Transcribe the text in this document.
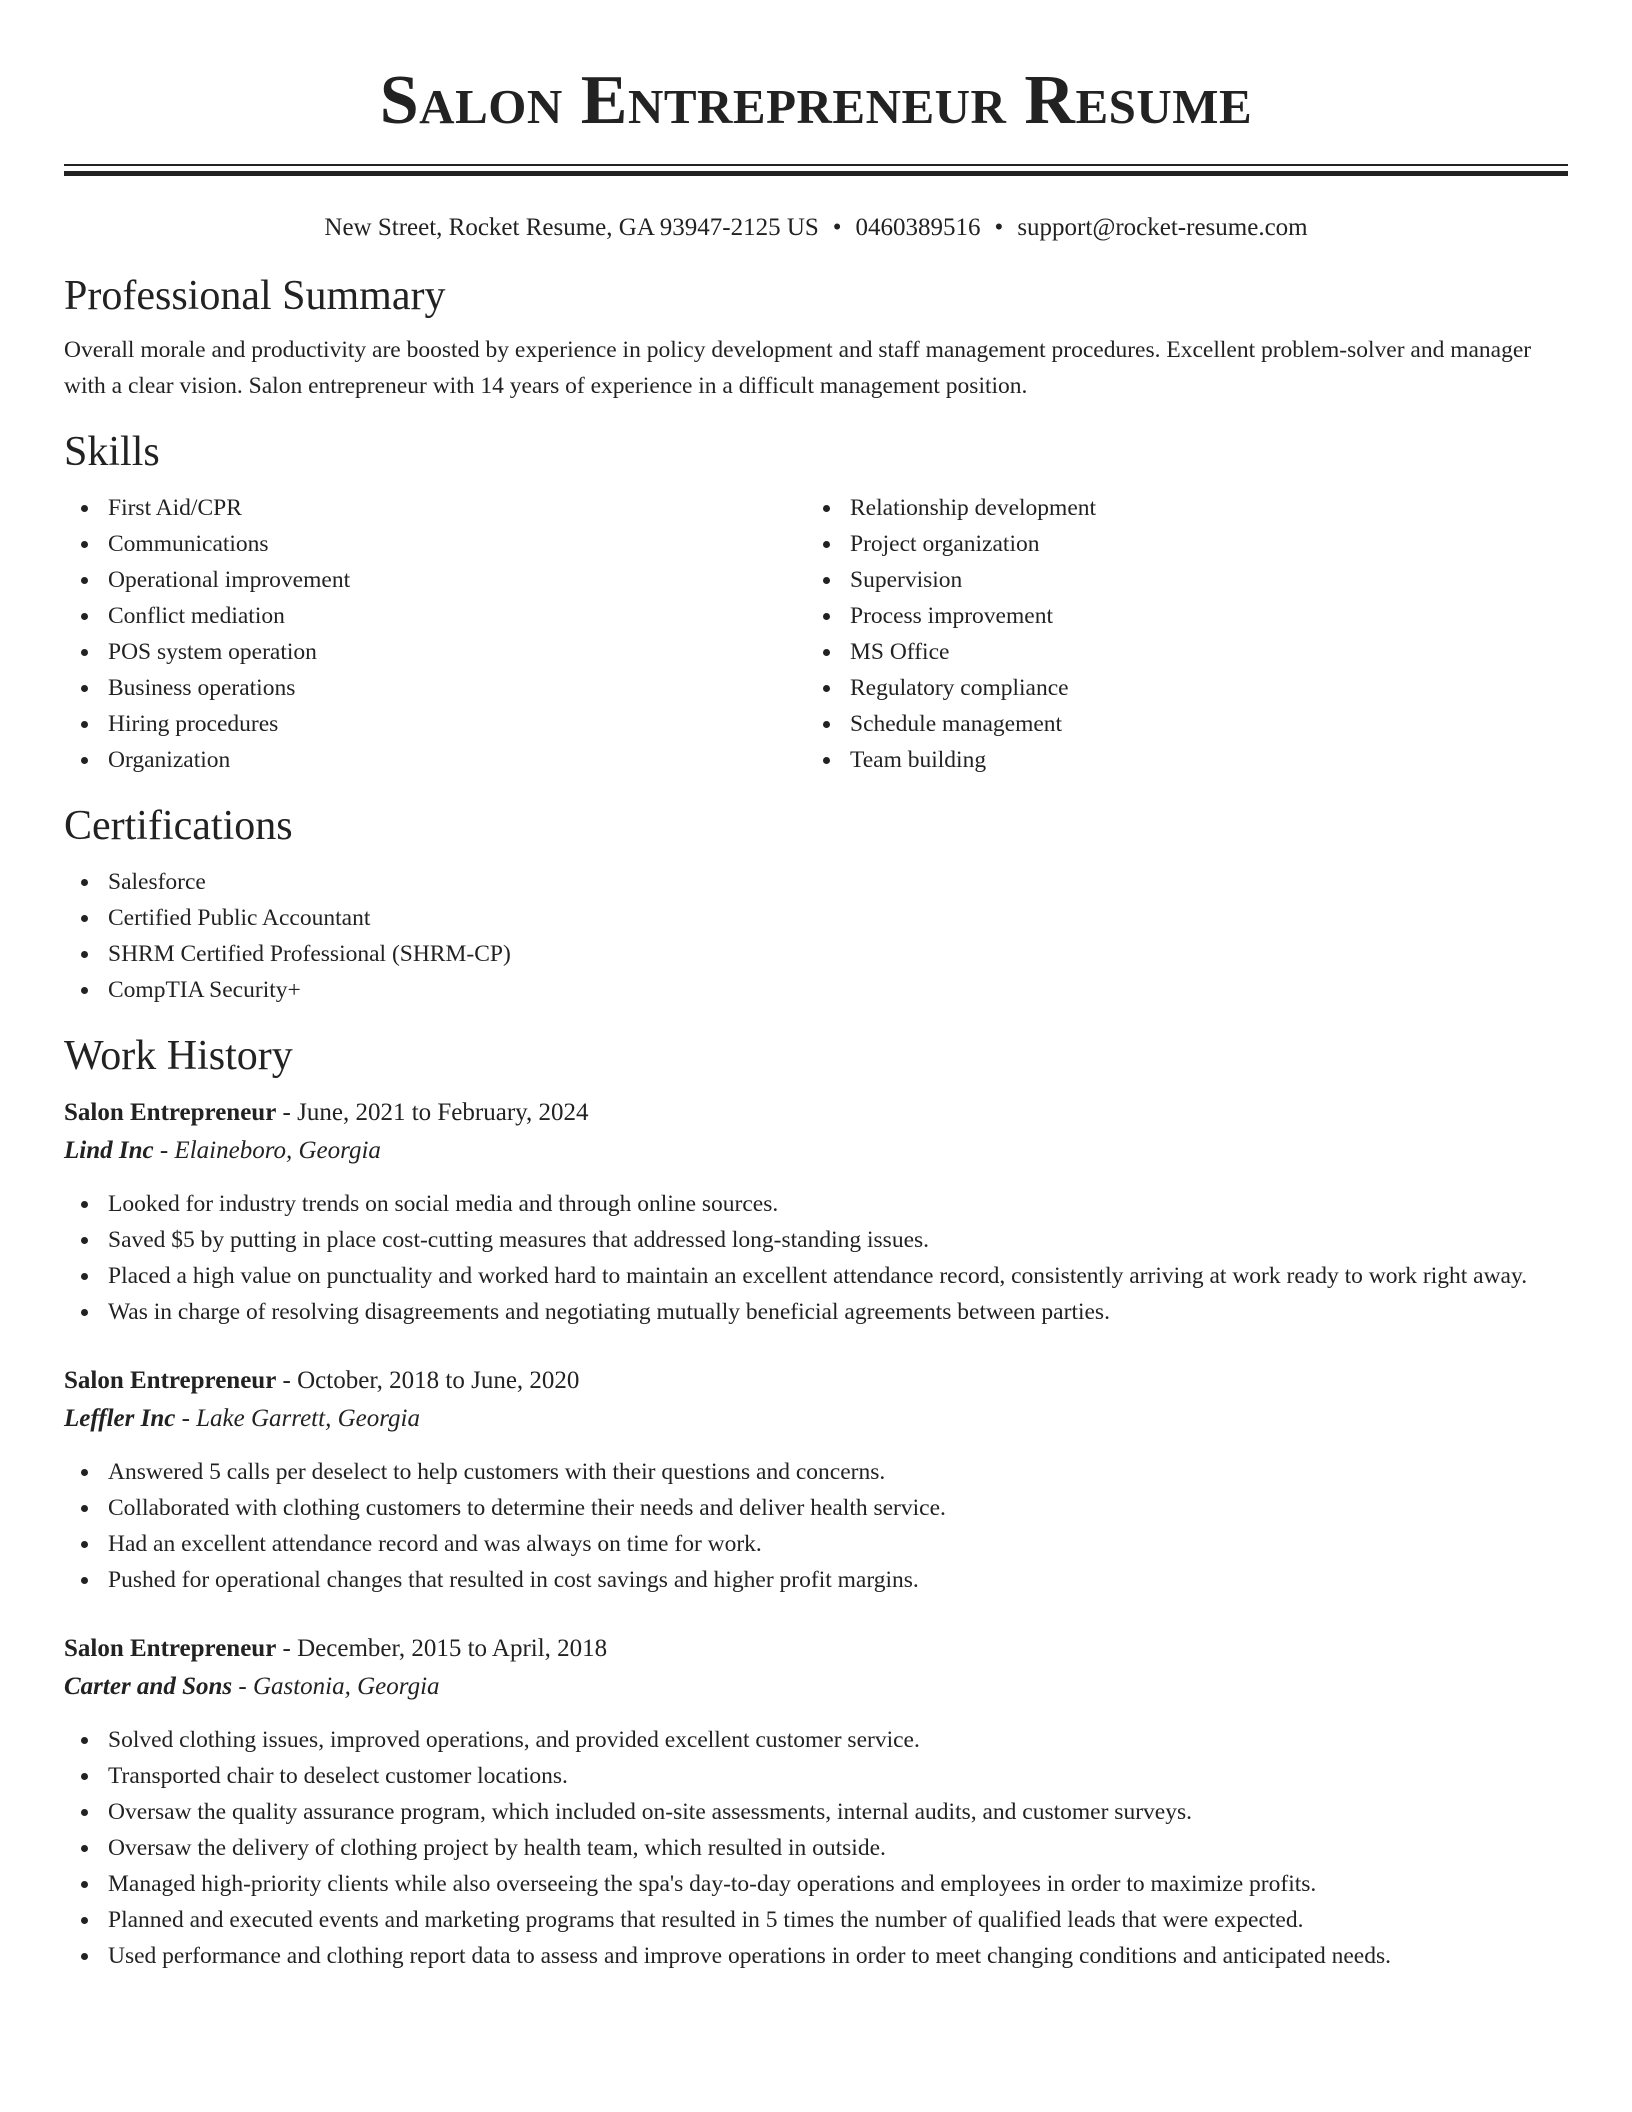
Salon Entrepreneur Resume
New Street, Rocket Resume, GA 93947-2125 US • 0460389516 • support@rocket-resume.com
Professional Summary

Overall morale and productivity are boosted by experience in policy development and staff management procedures. Excellent problem-solver and manager with a clear vision. Salon entrepreneur with 14 years of experience in a difficult management position.

Skills
First Aid/CPR
Communications
Operational improvement
Conflict mediation
POS system operation
Business operations
Hiring procedures
Organization
Relationship development
Project organization
Supervision
Process improvement
MS Office
Regulatory compliance
Schedule management
Team building
Certifications
Salesforce
Certified Public Accountant
SHRM Certified Professional (SHRM-CP)
CompTIA Security+
Work History
Salon Entrepreneur - June, 2021 to February, 2024
Lind Inc - Elaineboro, Georgia
Looked for industry trends on social media and through online sources.
Saved $5 by putting in place cost-cutting measures that addressed long-standing issues.
Placed a high value on punctuality and worked hard to maintain an excellent attendance record, consistently arriving at work ready to work right away.
Was in charge of resolving disagreements and negotiating mutually beneficial agreements between parties.
Salon Entrepreneur - October, 2018 to June, 2020
Leffler Inc - Lake Garrett, Georgia
Answered 5 calls per deselect to help customers with their questions and concerns.
Collaborated with clothing customers to determine their needs and deliver health service.
Had an excellent attendance record and was always on time for work.
Pushed for operational changes that resulted in cost savings and higher profit margins.
Salon Entrepreneur - December, 2015 to April, 2018
Carter and Sons - Gastonia, Georgia
Solved clothing issues, improved operations, and provided excellent customer service.
Transported chair to deselect customer locations.
Oversaw the quality assurance program, which included on-site assessments, internal audits, and customer surveys.
Oversaw the delivery of clothing project by health team, which resulted in outside.
Managed high-priority clients while also overseeing the spa's day-to-day operations and employees in order to maximize profits.
Planned and executed events and marketing programs that resulted in 5 times the number of qualified leads that were expected.
Used performance and clothing report data to assess and improve operations in order to meet changing conditions and anticipated needs.
